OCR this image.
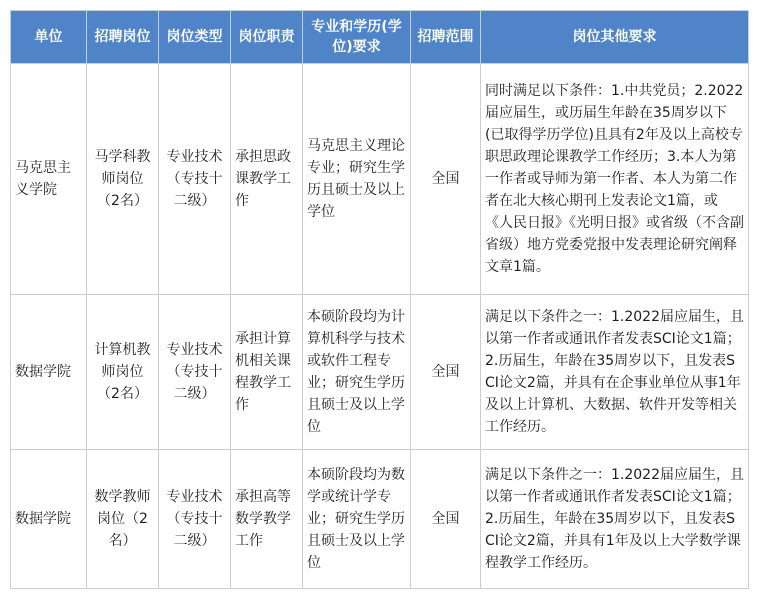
单位	招聘岗位	岗位类型	岗位职责	专业和学历(学位)要求	招聘范围	岗位其他要求
马克思主义学院	马学科教师岗位（2名）	专业技术（专技十二级）	承担思政课教学工作	马克思主义理论专业；研究生学历且硕士及以上学位	全国	同时满足以下条件：1.中共党员；2.2022届应届生，或历届生年龄在35周岁以下(已取得学历学位)且具有2年及以上高校专职思政理论课教学工作经历；3.本人为第一作者或导师为第一作者、本人为第二作者在北大核心期刊上发表论文1篇，或《人民日报》《光明日报》或省级（不含副省级）地方党委党报中发表理论研究阐释文章1篇。
数据学院	计算机教师岗位（2名）	专业技术（专技十二级）	承担计算机相关课程教学工作	本硕阶段均为计算机科学与技术或软件工程专业；研究生学历且硕士及以上学位	全国	满足以下条件之一：1.2022届应届生，且以第一作者或通讯作者发表SCI论文1篇；2.历届生，年龄在35周岁以下，且发表SCI论文2篇，并具有在企事业单位从事1年及以上计算机、大数据、软件开发等相关工作经历。
数据学院	数学教师岗位（2名）	专业技术（专技十二级）	承担高等数学教学工作	本硕阶段均为数学或统计学专业；研究生学历且硕士及以上学位	全国	满足以下条件之一：1.2022届应届生，且以第一作者或通讯作者发表SCI论文1篇；2.历届生，年龄在35周岁以下，且发表SCI论文2篇，并具有1年及以上大学数学课程教学工作经历。
